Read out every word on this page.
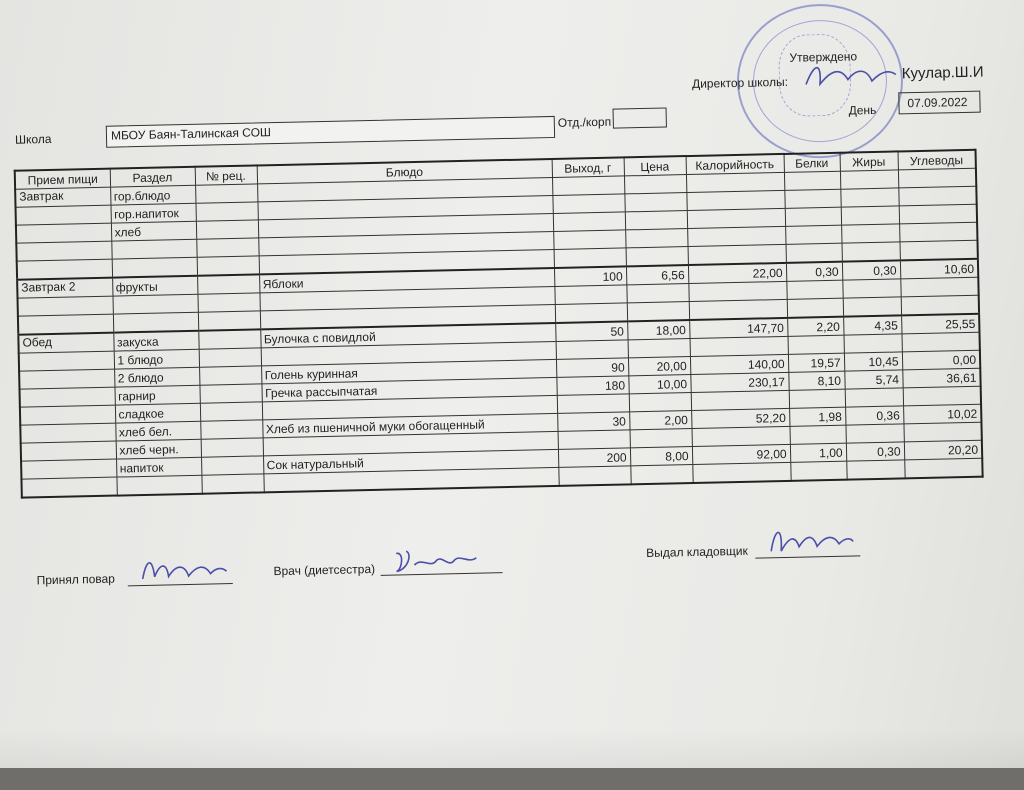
Утверждено
Директор школы:
Куулар.Ш.И
Школа	МБОУ Баян-Талинская СОШ
Отд./корп
День	07.09.2022
Прием пищи	Раздел	№ рец.	Блюдо	Выход, г	Цена	Калорийность	Белки	Жиры	Углеводы
Завтрак	гор.блюдо								
	гор.напиток								
	хлеб								

Завтрак 2	фрукты		Яблоки	100	6,56	22,00	0,30	0,30	10,60

Обед	закуска		Булочка с повидлой	50	18,00	147,70	2,20	4,35	25,55
	1 блюдо								
	2 блюдо		Голень куринная	90	20,00	140,00	19,57	10,45	0,00
	гарнир		Гречка рассыпчатая	180	10,00	230,17	8,10	5,74	36,61
	сладкое								
	хлеб бел.		Хлеб из пшеничной муки обогащенный	30	2,00	52,20	1,98	0,36	10,02
	хлеб черн.								
	напиток		Сок натуральный	200	8,00	92,00	1,00	0,30	20,20

Принял повар
Врач (диетсестра)
Выдал кладовщик
